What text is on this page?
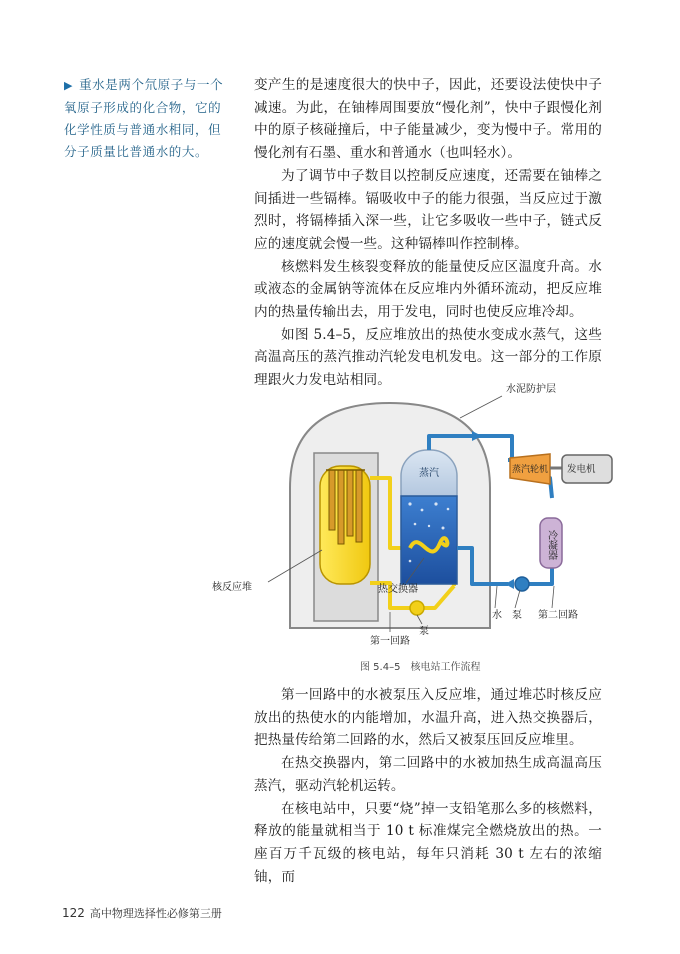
▶ 重水是两个氘原子与一个氧原子形成的化合物，它的化学性质与普通水相同，但分子质量比普通水的大。

变产生的是速度很大的快中子，因此，还要设法使快中子减速。为此，在铀棒周围要放“慢化剂”，快中子跟慢化剂中的原子核碰撞后，中子能量减少，变为慢中子。常用的慢化剂有石墨、重水和普通水（也叫轻水）。

为了调节中子数目以控制反应速度，还需要在铀棒之间插进一些镉棒。镉吸收中子的能力很强，当反应过于激烈时，将镉棒插入深一些，让它多吸收一些中子，链式反应的速度就会慢一些。这种镉棒叫作控制棒。

核燃料发生核裂变释放的能量使反应区温度升高。水或液态的金属钠等流体在反应堆内外循环流动，把反应堆内的热量传输出去，用于发电，同时也使反应堆冷却。

如图 5.4–5，反应堆放出的热使水变成水蒸气，这些高温高压的蒸汽推动汽轮发电机发电。这一部分的工作原理跟火力发电站相同。

水泥防护层
蒸汽	蒸汽轮机 发电机
冷凝器
核反应堆	热交换器
泵
第一回路
水 泵 第二回路
图 5.4–5　核电站工作流程

第一回路中的水被泵压入反应堆，通过堆芯时核反应放出的热使水的内能增加，水温升高，进入热交换器后，把热量传给第二回路的水，然后又被泵压回反应堆里。

在热交换器内，第二回路中的水被加热生成高温高压蒸汽，驱动汽轮机运转。

在核电站中，只要“烧”掉一支铅笔那么多的核燃料，释放的能量就相当于 10 t 标准煤完全燃烧放出的热。一座百万千瓦级的核电站，每年只消耗 30 t 左右的浓缩铀，而

122 高中物理选择性必修第三册
